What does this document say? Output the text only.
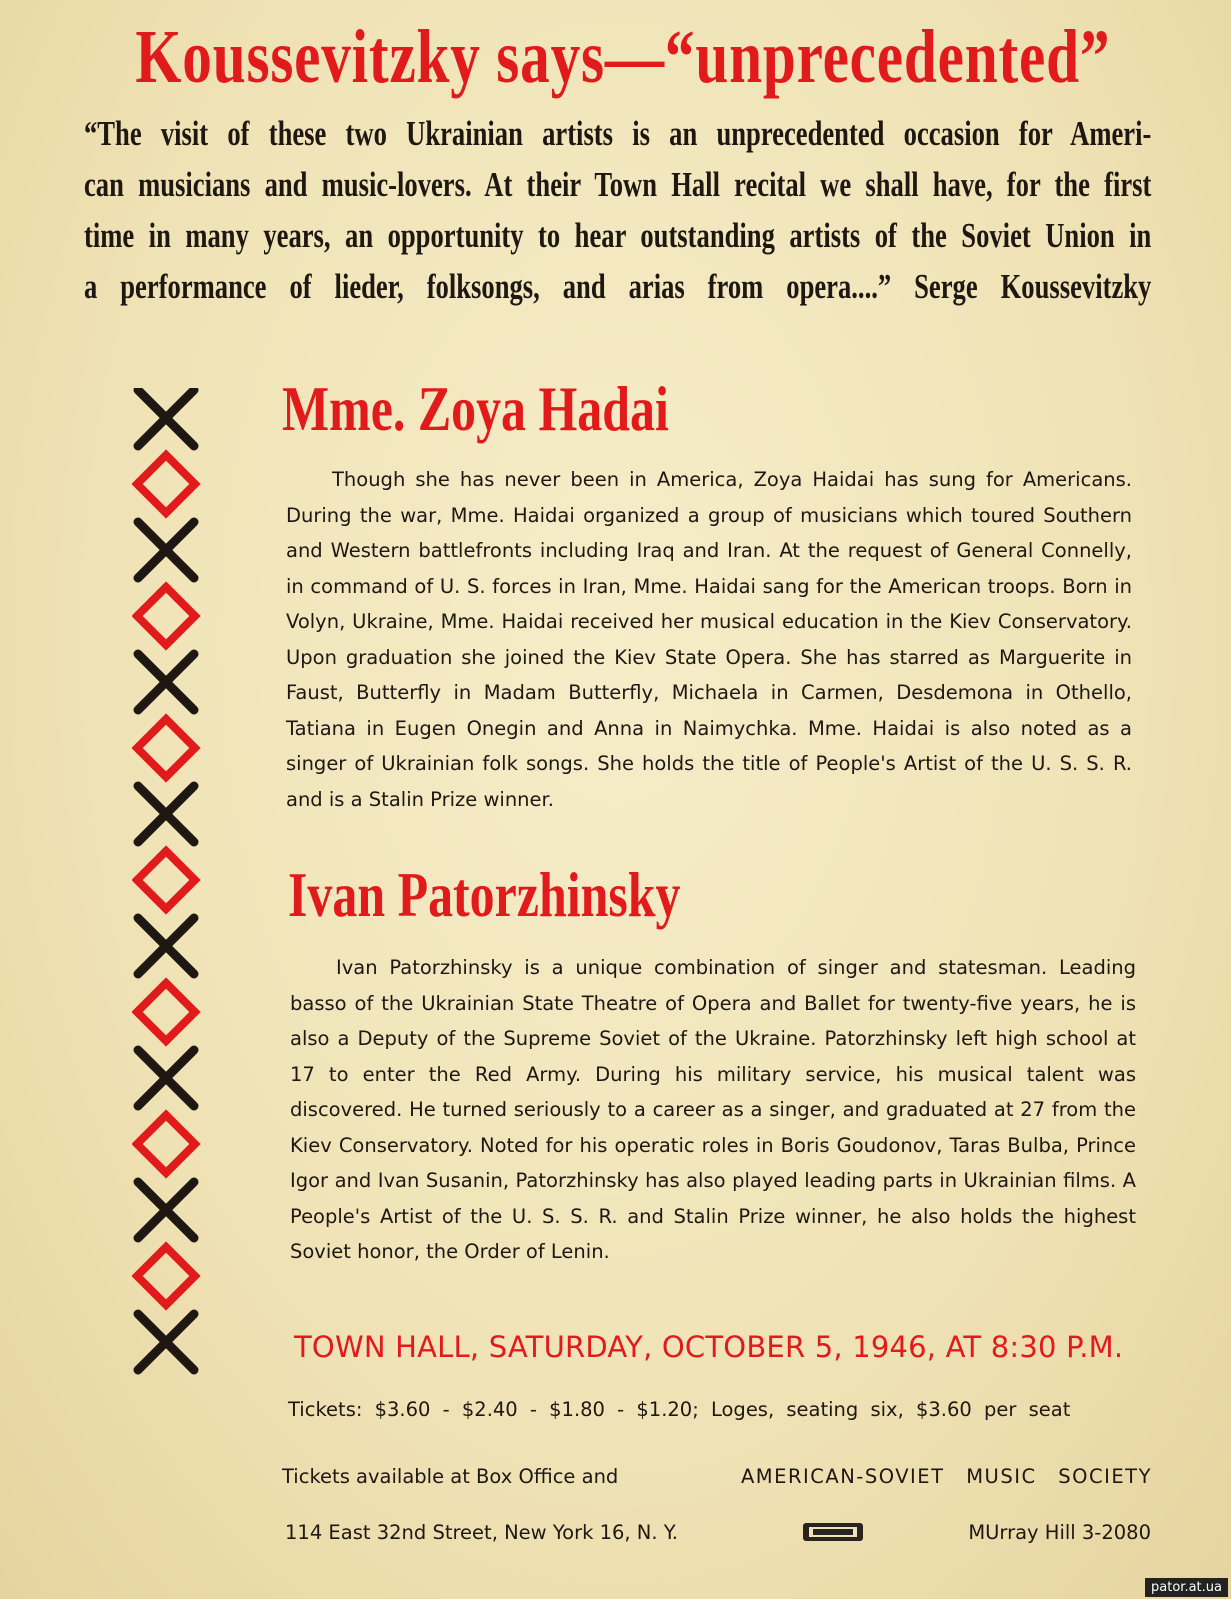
Koussevitzky says—“unprecedented”
“The visit of these two Ukrainian artists is an unprecedented occasion for Ameri-
can musicians and music-lovers. At their Town Hall recital we shall have, for the first
time in many years, an opportunity to hear outstanding artists of the Soviet Union in
a performance of lieder, folksongs, and arias from opera....” Serge Koussevitzky
Mme. Zoya Hadai

Though she has never been in America, Zoya Haidai has sung for Americans. During the war, Mme. Haidai organized a group of musicians which toured Southern and Western battlefronts including Iraq and Iran. At the request of General Connelly, in command of U. S. forces in Iran, Mme. Haidai sang for the American troops. Born in Volyn, Ukraine, Mme. Haidai received her musical education in the Kiev Conservatory. Upon graduation she joined the Kiev State Opera. She has starred as Marguerite in Faust, Butterfly in Madam Butterfly, Michaela in Carmen, Desdemona in Othello, Tatiana in Eugen Onegin and Anna in Naimychka. Mme. Haidai is also noted as a singer of Ukrainian folk songs. She holds the title of People's Artist of the U. S. S. R. and is a Stalin Prize winner.

Ivan Patorzhinsky

Ivan Patorzhinsky is a unique combination of singer and statesman. Leading basso of the Ukrainian State Theatre of Opera and Ballet for twenty-five years, he is also a Deputy of the Supreme Soviet of the Ukraine. Patorzhinsky left high school at 17 to enter the Red Army. During his military service, his musical talent was discovered. He turned seriously to a career as a singer, and graduated at 27 from the Kiev Conservatory. Noted for his operatic roles in Boris Goudonov, Taras Bulba, Prince Igor and Ivan Susanin, Patorzhinsky has also played leading parts in Ukrainian films. A People's Artist of the U. S. S. R. and Stalin Prize winner, he also holds the highest Soviet honor, the Order of Lenin.

TOWN HALL, SATURDAY, OCTOBER 5, 1946, AT 8:30 P.M.
Tickets: $3.60 - $2.40 - $1.80 - $1.20; Loges, seating six, $3.60 per seat
Tickets available at Box Office and	AMERICAN-SOVIET MUSIC SOCIETY
114 East 32nd Street, New York 16, N. Y.	MUrray Hill 3-2080
pator.at.ua
